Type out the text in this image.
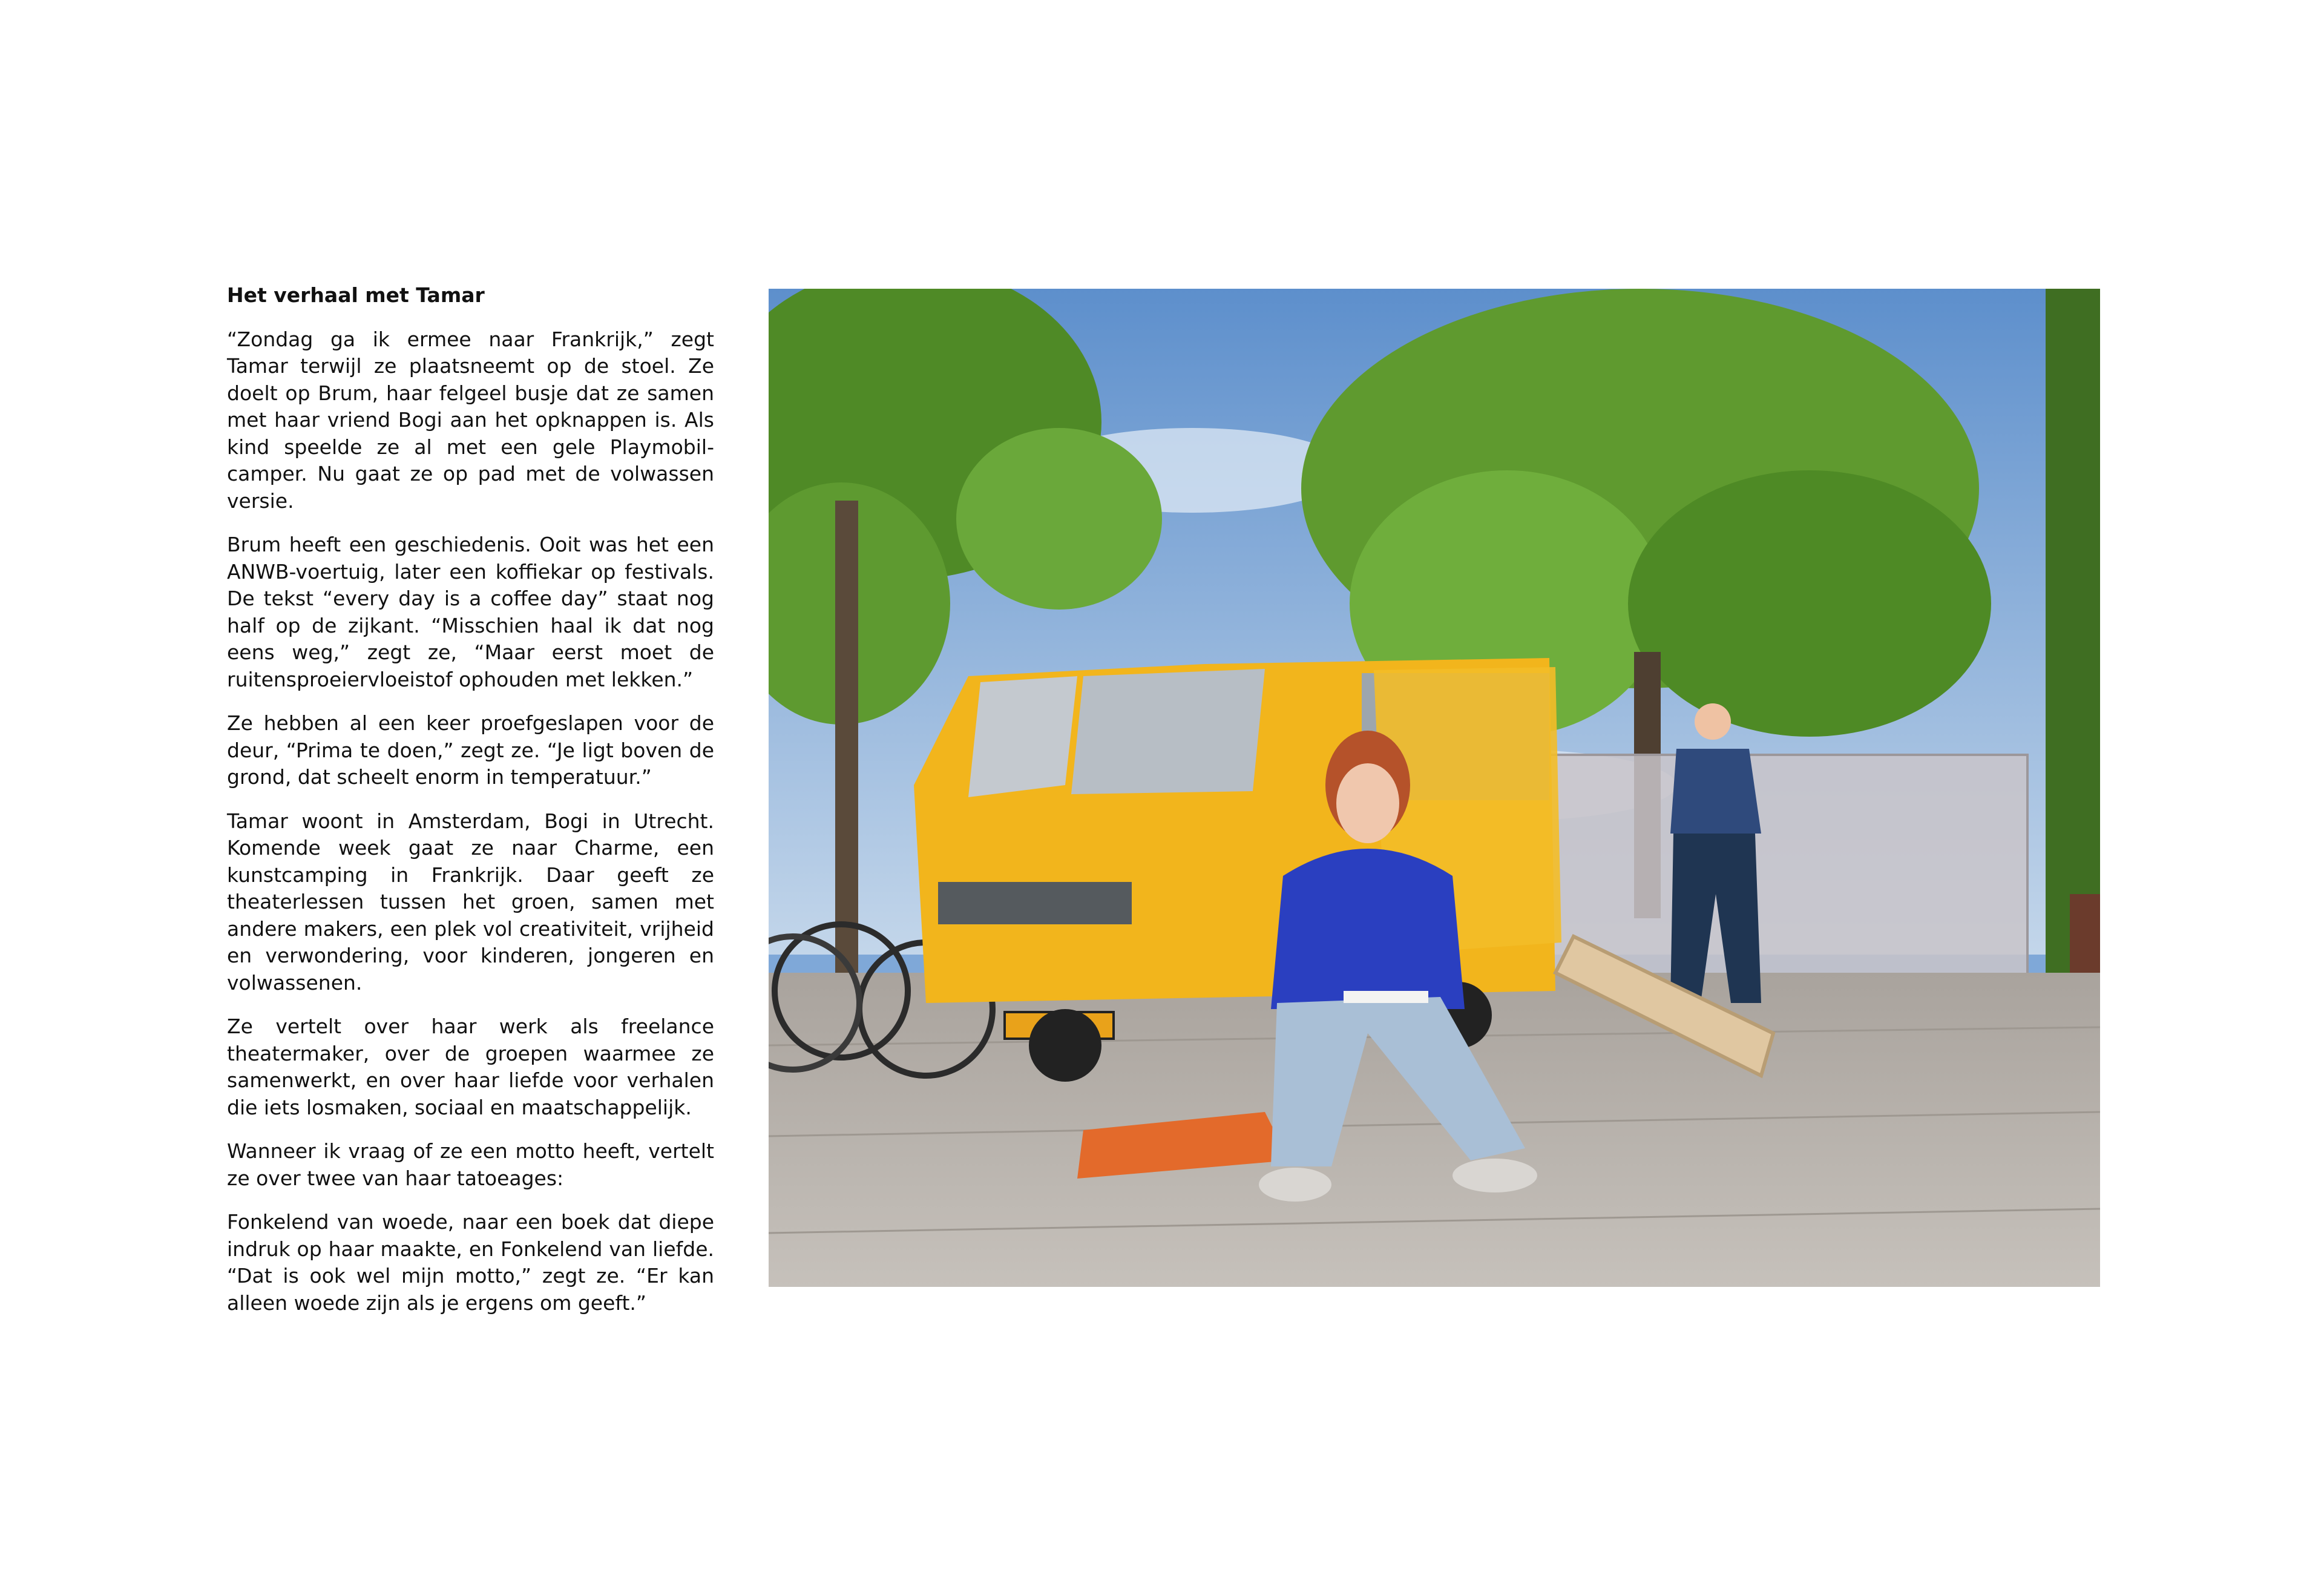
Het verhaal met Tamar

“Zondag ga ik ermee naar Frankrijk,” zegt Tamar terwijl ze plaatsneemt op de stoel. Ze doelt op Brum, haar felgeel busje dat ze samen met haar vriend Bogi aan het opknappen is. Als kind speelde ze al met een gele Playmobil-camper. Nu gaat ze op pad met de volwassen versie.

Brum heeft een geschiedenis. Ooit was het een ANWB-voertuig, later een koffiekar op festivals. De tekst “every day is a coffee day” staat nog half op de zijkant. “Misschien haal ik dat nog eens weg,” zegt ze, “Maar eerst moet de ruitensproeiervloeistof ophouden met lekken.”

Ze hebben al een keer proefgeslapen voor de deur, “Prima te doen,” zegt ze. “Je ligt boven de grond, dat scheelt enorm in temperatuur.”

Tamar woont in Amsterdam, Bogi in Utrecht. Komende week gaat ze naar Charme, een kunstcamping in Frankrijk. Daar geeft ze theaterlessen tussen het groen, samen met andere makers, een plek vol creativiteit, vrijheid en verwondering, voor kinderen, jongeren en volwassenen.

Ze vertelt over haar werk als freelance theatermaker, over de groepen waarmee ze samenwerkt, en over haar liefde voor verhalen die iets losmaken, sociaal en maatschappelijk.

Wanneer ik vraag of ze een motto heeft, vertelt ze over twee van haar tatoeages:

Fonkelend van woede, naar een boek dat diepe indruk op haar maakte, en Fonkelend van liefde. “Dat is ook wel mijn motto,” zegt ze. “Er kan alleen woede zijn als je ergens om geeft.”
